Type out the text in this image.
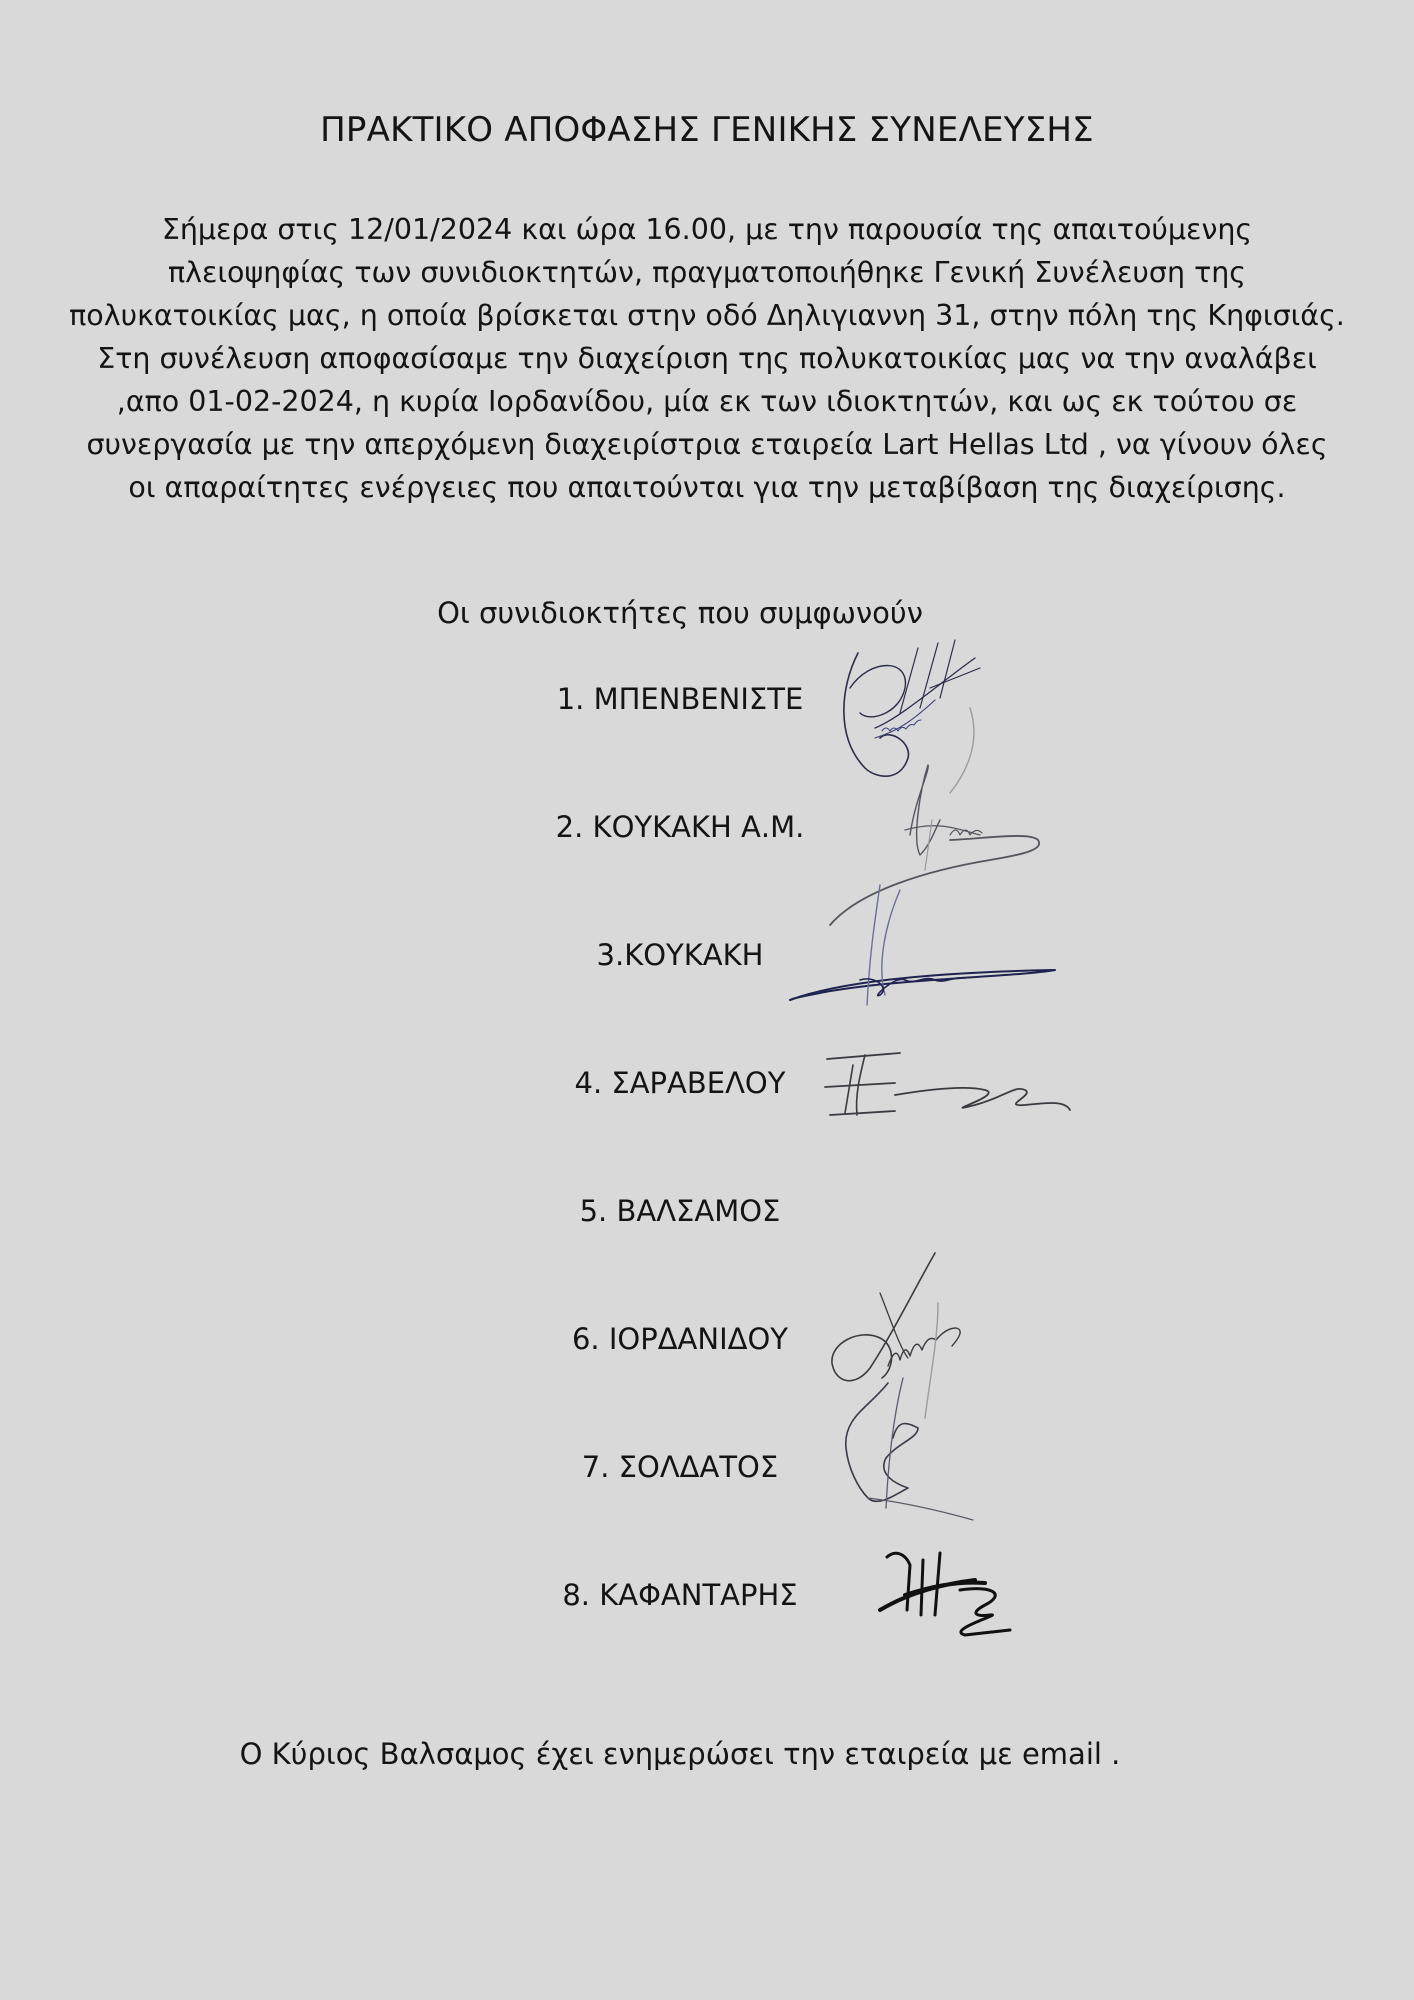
ΠΡΑΚΤΙΚΟ ΑΠΟΦΑΣΗΣ ΓΕΝΙΚΗΣ ΣΥΝΕΛΕΥΣΗΣ
Σήμερα στις 12/01/2024 και ώρα 16.00, με την παρουσία της απαιτούμενης
πλειοψηφίας των συνιδιοκτητών, πραγματοποιήθηκε Γενική Συνέλευση της
πολυκατοικίας μας, η οποία βρίσκεται στην οδό Δηλιγιαννη 31, στην πόλη της Κηφισιάς.
Στη συνέλευση αποφασίσαμε την διαχείριση της πολυκατοικίας μας να την αναλάβει
,απο 01-02-2024, η κυρία Ιορδανίδου, μία εκ των ιδιοκτητών, και ως εκ τούτου σε
συνεργασία με την απερχόμενη διαχειρίστρια εταιρεία Lart Hellas Ltd , να γίνουν όλες
οι απαραίτητες ενέργειες που απαιτούνται για την μεταβίβαση της διαχείρισης.
Οι συνιδιοκτήτες που συμφωνούν
1. ΜΠΕΝΒΕΝΙΣΤΕ
2. ΚΟΥΚΑΚΗ Α.Μ.
3.ΚΟΥΚΑΚΗ
4. ΣΑΡΑΒΕΛΟΥ
5. ΒΑΛΣΑΜΟΣ
6. ΙΟΡΔΑΝΙΔΟΥ
7. ΣΟΛΔΑΤΟΣ
8. ΚΑΦΑΝΤΑΡΗΣ
Ο Κύριος Βαλσαμος έχει ενημερώσει την εταιρεία με email .
